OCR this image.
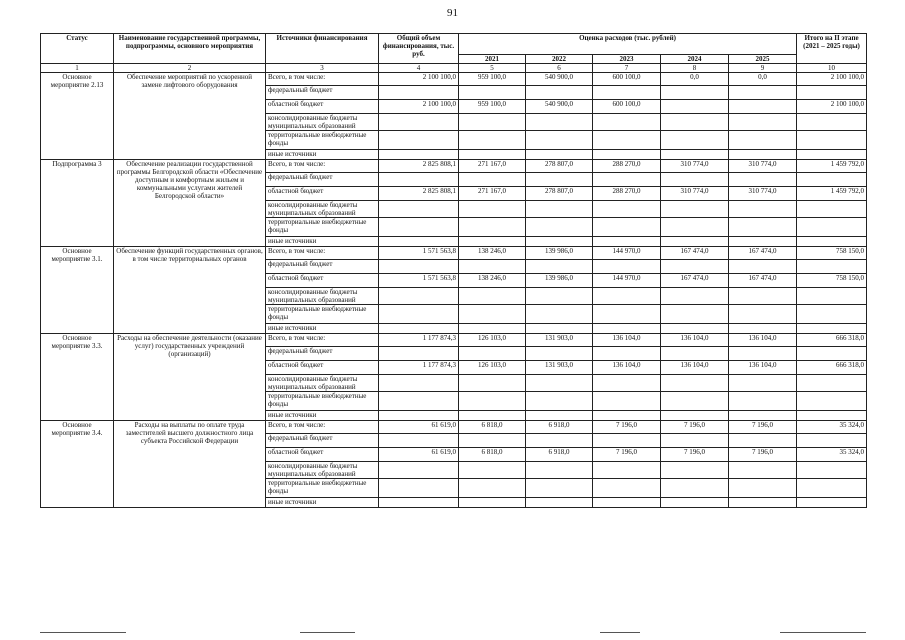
91
Статус	Наименование государственной программы, подпрограммы, основного мероприятия	Источники финансирования	Общий объем финансирования, тыс. руб.	Оценка расходов (тыс. рублей)					Итого на II этапе (2021 – 2025 годы)
				2021	2022	2023	2024	2025	
1	2	3	4	5	6	7	8	9	10
Основное мероприятие 2.13	Обеспечение мероприятий по ускоренной замене лифтового оборудования	Всего, в том числе:	2 100 100,0	959 100,0	540 900,0	600 100,0	0,0	0,0	2 100 100,0
		федеральный бюджет							
		областной бюджет	2 100 100,0	959 100,0	540 900,0	600 100,0			2 100 100,0
		консолидированные бюджеты муниципальных образований							
		территориальные внебюджетные фонды							
		иные источники							
Подпрограмма 3	Обеспечение реализации государственной программы Белгородской области «Обеспечение доступным и комфортным жильем и коммунальными услугами жителей Белгородской области»	Всего, в том числе:	2 825 808,1	271 167,0	278 807,0	288 270,0	310 774,0	310 774,0	1 459 792,0
		федеральный бюджет							
		областной бюджет	2 825 808,1	271 167,0	278 807,0	288 270,0	310 774,0	310 774,0	1 459 792,0
		консолидированные бюджеты муниципальных образований							
		территориальные внебюджетные фонды							
		иные источники							
Основное мероприятие 3.1.	Обеспечение функций государственных органов, в том числе территориальных органов	Всего, в том числе:	1 571 563,8	138 246,0	139 986,0	144 970,0	167 474,0	167 474,0	758 150,0
		федеральный бюджет							
		областной бюджет	1 571 563,8	138 246,0	139 986,0	144 970,0	167 474,0	167 474,0	758 150,0
		консолидированные бюджеты муниципальных образований							
		территориальные внебюджетные фонды							
		иные источники							
Основное мероприятие 3.3.	Расходы на обеспечение деятельности (оказание услуг) государственных учреждений (организаций)	Всего, в том числе:	1 177 874,3	126 103,0	131 903,0	136 104,0	136 104,0	136 104,0	666 318,0
		федеральный бюджет							
		областной бюджет	1 177 874,3	126 103,0	131 903,0	136 104,0	136 104,0	136 104,0	666 318,0
		консолидированные бюджеты муниципальных образований							
		территориальные внебюджетные фонды							
		иные источники							
Основное мероприятие 3.4.	Расходы на выплаты по оплате труда заместителей высшего должностного лица субъекта Российской Федерации	Всего, в том числе:	61 619,0	6 818,0	6 918,0	7 196,0	7 196,0	7 196,0	35 324,0
		федеральный бюджет							
		областной бюджет	61 619,0	6 818,0	6 918,0	7 196,0	7 196,0	7 196,0	35 324,0
		консолидированные бюджеты муниципальных образований							
		территориальные внебюджетные фонды							
		иные источники							
